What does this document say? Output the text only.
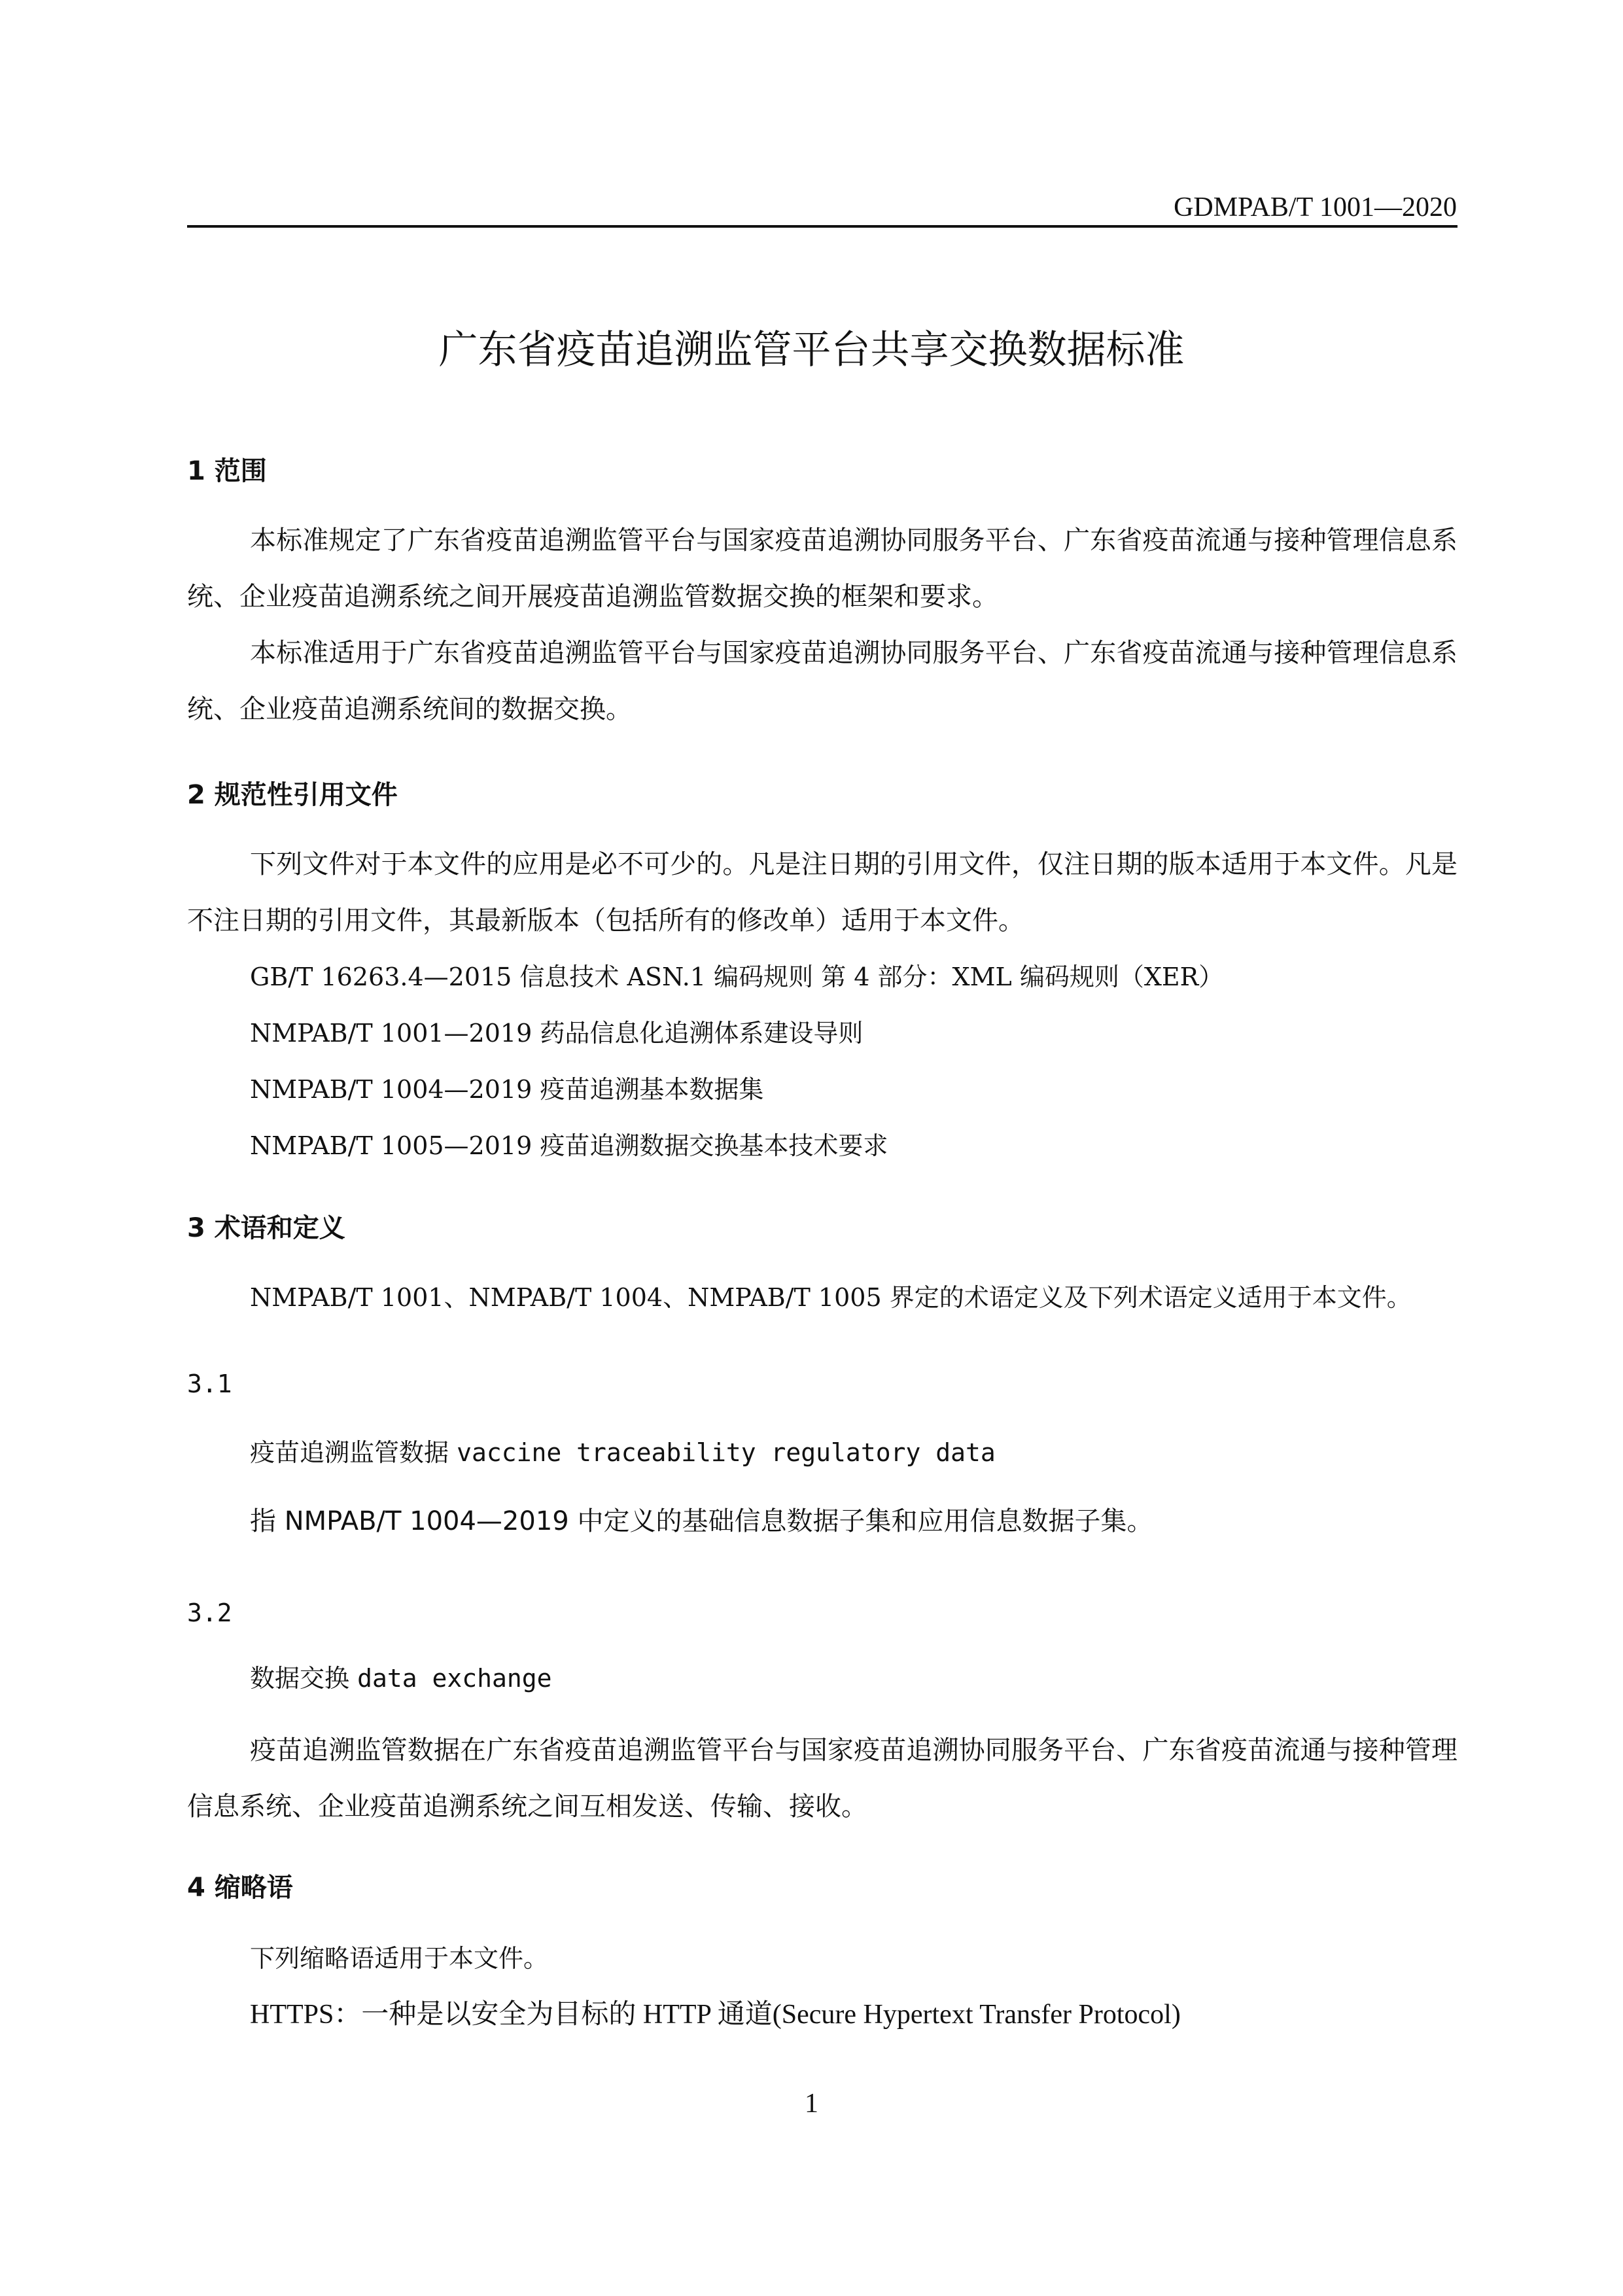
GDMPAB/T 1001—2020
广东省疫苗追溯监管平台共享交换数据标准
1 范围

本标准规定了广东省疫苗追溯监管平台与国家疫苗追溯协同服务平台、广东省疫苗流通与接种管理信息系统、企业疫苗追溯系统之间开展疫苗追溯监管数据交换的框架和要求。

本标准适用于广东省疫苗追溯监管平台与国家疫苗追溯协同服务平台、广东省疫苗流通与接种管理信息系统、企业疫苗追溯系统间的数据交换。

2 规范性引用文件

下列文件对于本文件的应用是必不可少的。凡是注日期的引用文件，仅注日期的版本适用于本文件。凡是不注日期的引用文件，其最新版本（包括所有的修改单）适用于本文件。

GB/T 16263.4—2015 信息技术 ASN.1 编码规则 第 4 部分：XML 编码规则（XER）

NMPAB/T 1001—2019 药品信息化追溯体系建设导则

NMPAB/T 1004—2019 疫苗追溯基本数据集

NMPAB/T 1005—2019 疫苗追溯数据交换基本技术要求

3 术语和定义

NMPAB/T 1001、NMPAB/T 1004、NMPAB/T 1005 界定的术语定义及下列术语定义适用于本文件。

3.1

疫苗追溯监管数据 vaccine traceability regulatory data

指 NMPAB/T 1004—2019 中定义的基础信息数据子集和应用信息数据子集。

3.2

数据交换 data exchange

疫苗追溯监管数据在广东省疫苗追溯监管平台与国家疫苗追溯协同服务平台、广东省疫苗流通与接种管理信息系统、企业疫苗追溯系统之间互相发送、传输、接收。

4 缩略语

下列缩略语适用于本文件。

HTTPS：一种是以安全为目标的 HTTP 通道(Secure Hypertext Transfer Protocol)

1
